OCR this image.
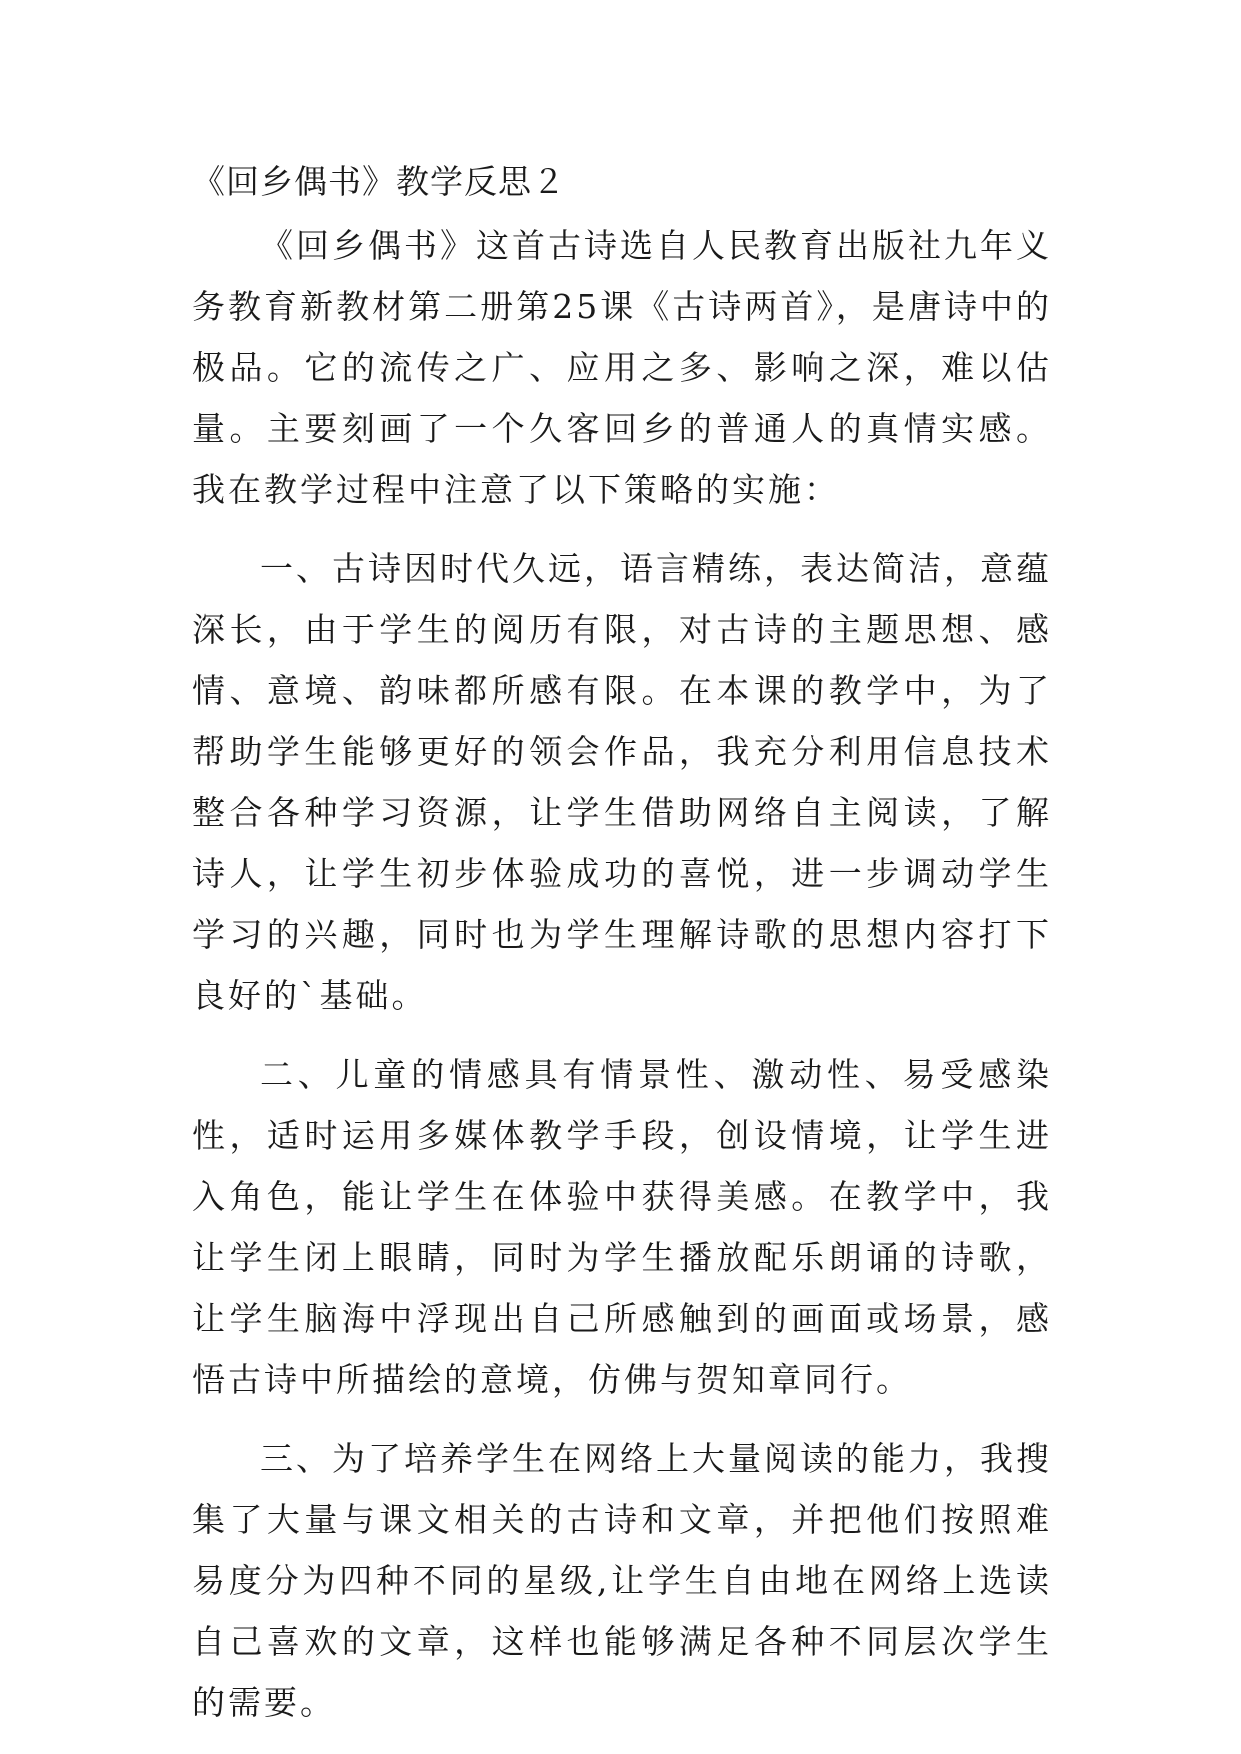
《回乡偶书》教学反思２

《回乡偶书》这首古诗选自人民教育出版社九年义务教育新教材第二册第25课《古诗两首》，是唐诗中的极品。它的流传之广、应用之多、影响之深，难以估量。主要刻画了一个久客回乡的普通人的真情实感。我在教学过程中注意了以下策略的实施：

一、古诗因时代久远，语言精练，表达简洁，意蕴深长，由于学生的阅历有限，对古诗的主题思想、感情、意境、韵味都所感有限。在本课的教学中，为了帮助学生能够更好的领会作品，我充分利用信息技术整合各种学习资源，让学生借助网络自主阅读，了解诗人，让学生初步体验成功的喜悦，进一步调动学生学习的兴趣，同时也为学生理解诗歌的思想内容打下良好的`基础。

二、儿童的情感具有情景性、激动性、易受感染性，适时运用多媒体教学手段，创设情境，让学生进入角色，能让学生在体验中获得美感。在教学中，我让学生闭上眼睛，同时为学生播放配乐朗诵的诗歌，让学生脑海中浮现出自己所感触到的画面或场景，感悟古诗中所描绘的意境，仿佛与贺知章同行。

三、为了培养学生在网络上大量阅读的能力，我搜集了大量与课文相关的古诗和文章，并把他们按照难易度分为四种不同的星级,让学生自由地在网络上选读自己喜欢的文章，这样也能够满足各种不同层次学生的需要。
